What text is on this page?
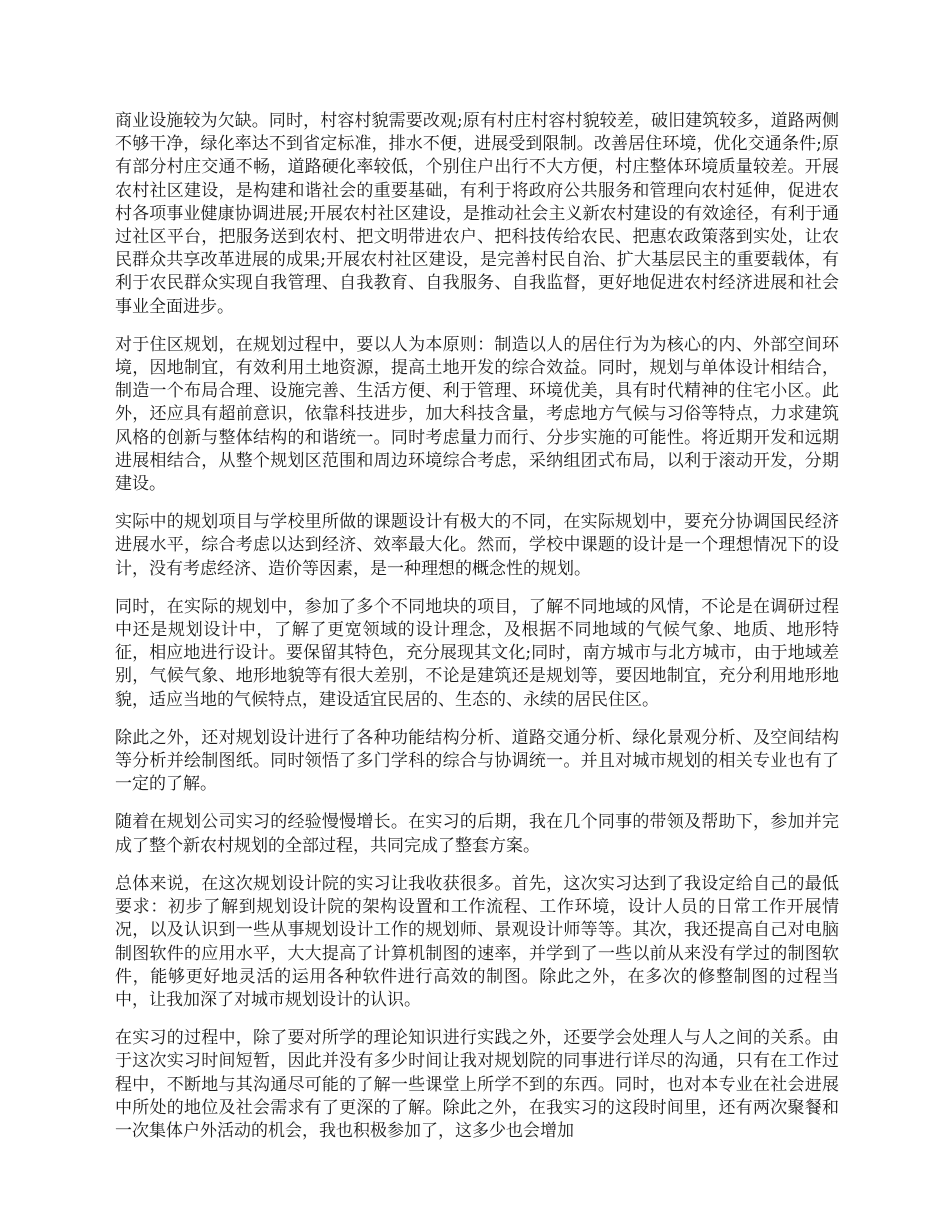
商业设施较为欠缺。同时，村容村貌需要改观;原有村庄村容村貌较差，破旧建筑较多，道路两侧不够干净，绿化率达不到省定标准，排水不便，进展受到限制。改善居住环境，优化交通条件;原有部分村庄交通不畅，道路硬化率较低，个别住户出行不大方便，村庄整体环境质量较差。开展农村社区建设，是构建和谐社会的重要基础，有利于将政府公共服务和管理向农村延伸，促进农村各项事业健康协调进展;开展农村社区建设，是推动社会主义新农村建设的有效途径，有利于通过社区平台，把服务送到农村、把文明带进农户、把科技传给农民、把惠农政策落到实处，让农民群众共享改革进展的成果;开展农村社区建设，是完善村民自治、扩大基层民主的重要载体，有利于农民群众实现自我管理、自我教育、自我服务、自我监督，更好地促进农村经济进展和社会事业全面进步。

对于住区规划，在规划过程中，要以人为本原则：制造以人的居住行为为核心的内、外部空间环境，因地制宜，有效利用土地资源，提高土地开发的综合效益。同时，规划与单体设计相结合，制造一个布局合理、设施完善、生活方便、利于管理、环境优美，具有时代精神的住宅小区。此外，还应具有超前意识，依靠科技进步，加大科技含量，考虑地方气候与习俗等特点，力求建筑风格的创新与整体结构的和谐统一。同时考虑量力而行、分步实施的可能性。将近期开发和远期进展相结合，从整个规划区范围和周边环境综合考虑，采纳组团式布局，以利于滚动开发，分期建设。

实际中的规划项目与学校里所做的课题设计有极大的不同，在实际规划中，要充分协调国民经济进展水平，综合考虑以达到经济、效率最大化。然而，学校中课题的设计是一个理想情况下的设计，没有考虑经济、造价等因素，是一种理想的概念性的规划。

同时，在实际的规划中，参加了多个不同地块的项目，了解不同地域的风情，不论是在调研过程中还是规划设计中，了解了更宽领域的设计理念，及根据不同地域的气候气象、地质、地形特征，相应地进行设计。要保留其特色，充分展现其文化;同时，南方城市与北方城市，由于地域差别，气候气象、地形地貌等有很大差别，不论是建筑还是规划等，要因地制宜，充分利用地形地貌，适应当地的气候特点，建设适宜民居的、生态的、永续的居民住区。

除此之外，还对规划设计进行了各种功能结构分析、道路交通分析、绿化景观分析、及空间结构等分析并绘制图纸。同时领悟了多门学科的综合与协调统一。并且对城市规划的相关专业也有了一定的了解。

随着在规划公司实习的经验慢慢增长。在实习的后期，我在几个同事的带领及帮助下，参加并完成了整个新农村规划的全部过程，共同完成了整套方案。

总体来说，在这次规划设计院的实习让我收获很多。首先，这次实习达到了我设定给自己的最低要求：初步了解到规划设计院的架构设置和工作流程、工作环境，设计人员的日常工作开展情况，以及认识到一些从事规划设计工作的规划师、景观设计师等等。其次，我还提高自己对电脑制图软件的应用水平，大大提高了计算机制图的速率，并学到了一些以前从来没有学过的制图软件，能够更好地灵活的运用各种软件进行高效的制图。除此之外，在多次的修整制图的过程当中，让我加深了对城市规划设计的认识。

在实习的过程中，除了要对所学的理论知识进行实践之外，还要学会处理人与人之间的关系。由于这次实习时间短暂，因此并没有多少时间让我对规划院的同事进行详尽的沟通，只有在工作过程中，不断地与其沟通尽可能的了解一些课堂上所学不到的东西。同时，也对本专业在社会进展中所处的地位及社会需求有了更深的了解。除此之外，在我实习的这段时间里，还有两次聚餐和一次集体户外活动的机会，我也积极参加了，这多少也会增加
